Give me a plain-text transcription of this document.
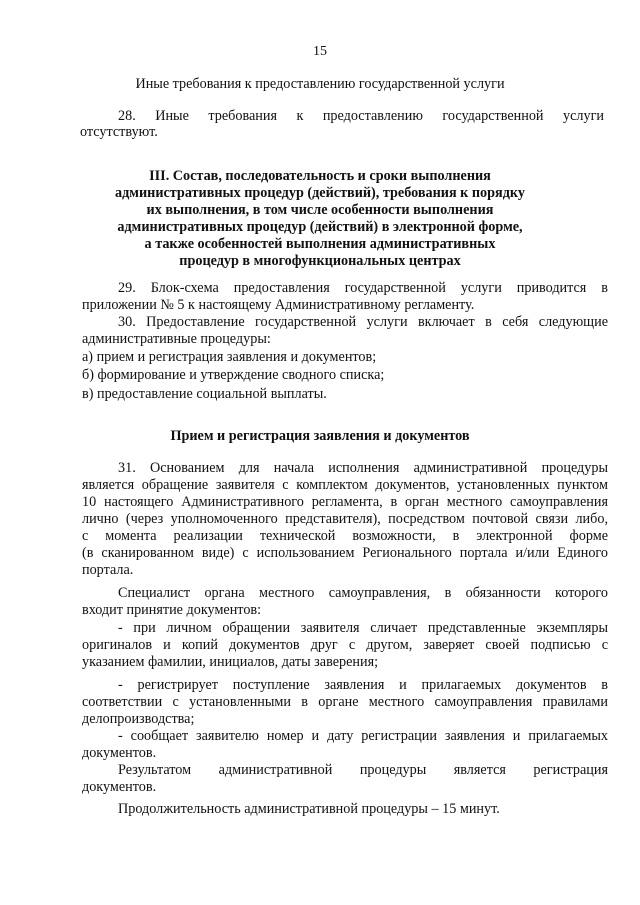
15
Иные требования к предоставлению государственной услуги
28. Иные требования к предоставлению государственной услуги
отсутствуют.
III. Состав, последовательность и сроки выполнения
административных процедур (действий), требования к порядку
их выполнения, в том числе особенности выполнения
административных процедур (действий) в электронной форме,
а также особенностей выполнения административных
процедур в многофункциональных центрах
29. Блок-схема предоставления государственной услуги приводится в
приложении № 5 к настоящему Административному регламенту.
30. Предоставление государственной услуги включает в себя следующие
административные процедуры:
а) прием и регистрация заявления и документов;
б) формирование и утверждение сводного списка;
в) предоставление социальной выплаты.
Прием и регистрация заявления и документов
31. Основанием для начала исполнения административной процедуры
является обращение заявителя с комплектом документов, установленных пунктом
10 настоящего Административного регламента, в орган местного самоуправления
лично (через уполномоченного представителя), посредством почтовой связи либо,
с момента реализации технической возможности, в электронной форме
(в сканированном виде) с использованием Регионального портала и/или Единого
портала.
Специалист органа местного самоуправления, в обязанности которого
входит принятие документов:
- при личном обращении заявителя сличает представленные экземпляры
оригиналов и копий документов друг с другом, заверяет своей подписью с
указанием фамилии, инициалов, даты заверения;
- регистрирует поступление заявления и прилагаемых документов в
соответствии с установленными в органе местного самоуправления правилами
делопроизводства;
- сообщает заявителю номер и дату регистрации заявления и прилагаемых
документов.
Результатом административной процедуры является регистрация
документов.
Продолжительность административной процедуры – 15 минут.
